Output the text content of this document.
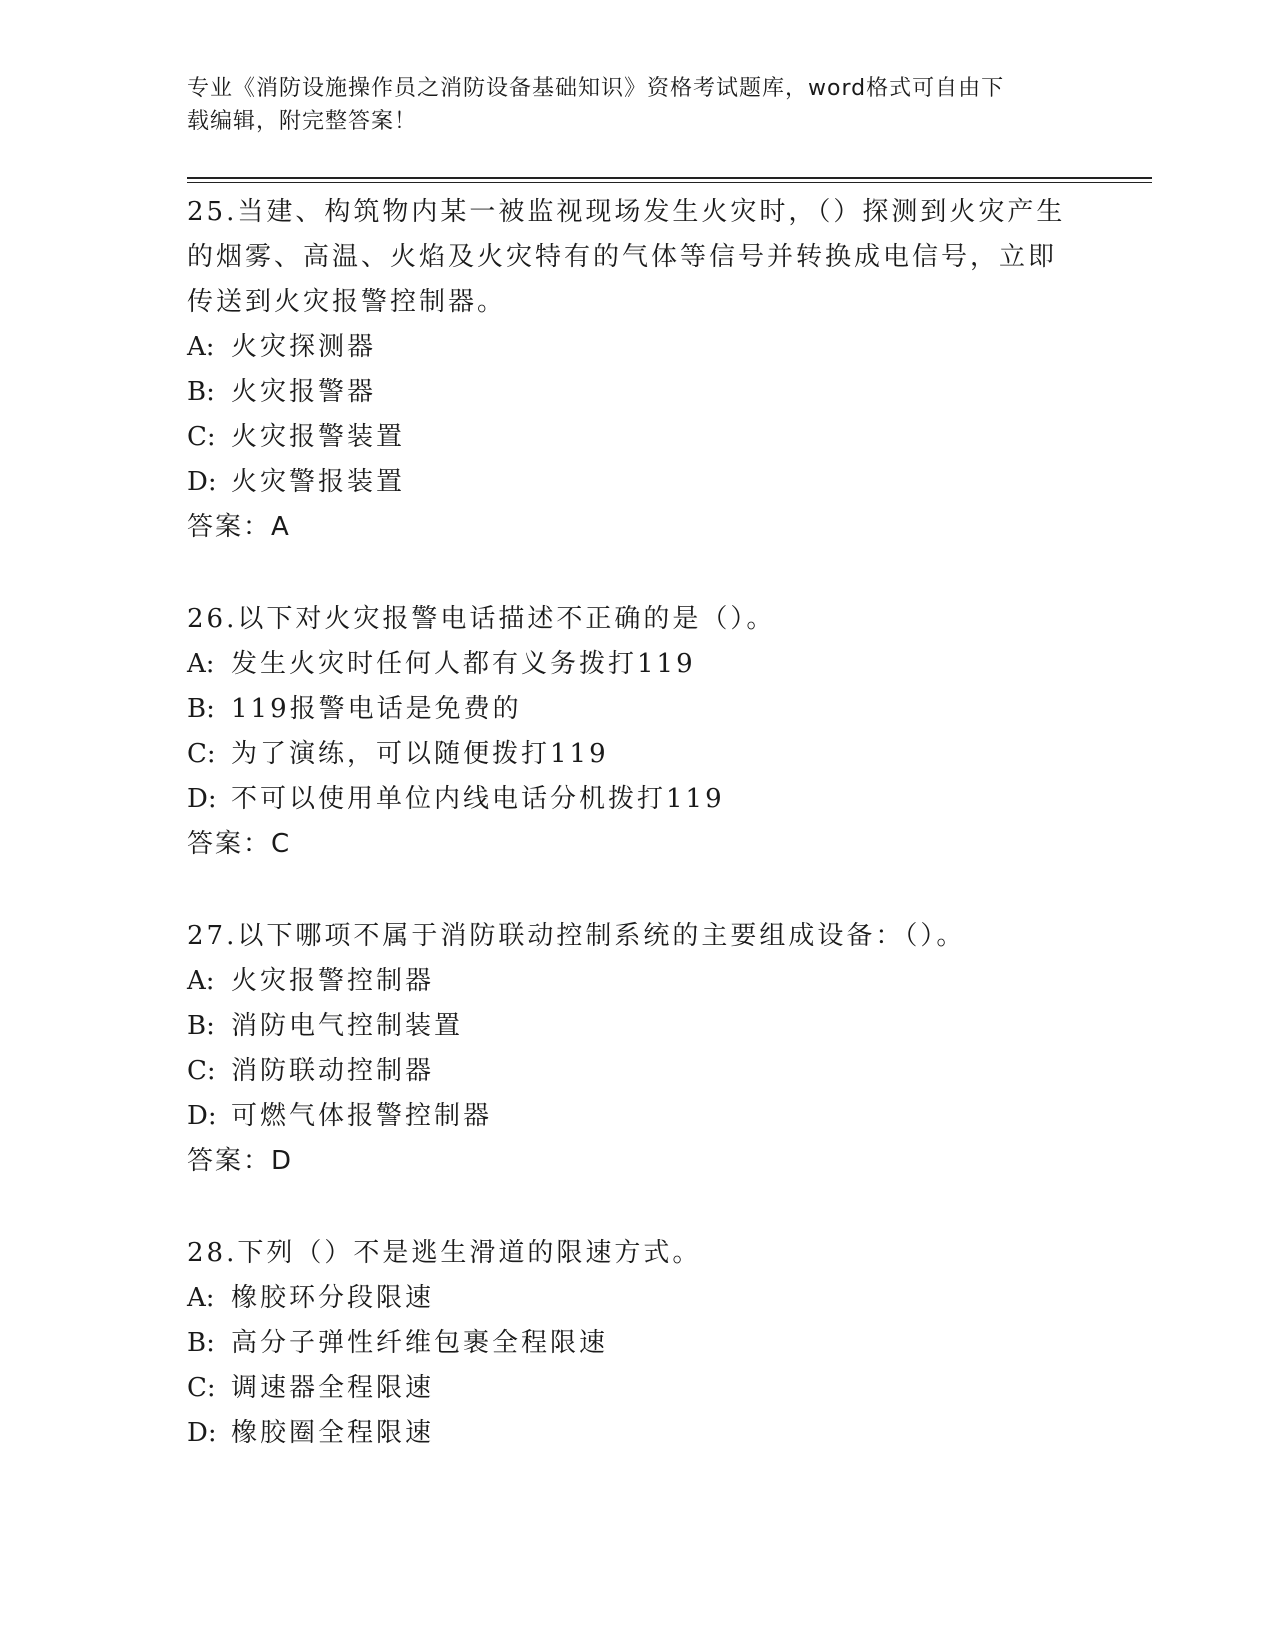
专业《消防设施操作员之消防设备基础知识》资格考试题库，word格式可自由下
载编辑，附完整答案！

25.当建、构筑物内某一被监视现场发生火灾时，（）探测到火灾产生

的烟雾、高温、火焰及火灾特有的气体等信号并转换成电信号，立即

传送到火灾报警控制器。

A: 火灾探测器

B: 火灾报警器

C: 火灾报警装置

D: 火灾警报装置

答案：A

26.以下对火灾报警电话描述不正确的是（）。

A: 发生火灾时任何人都有义务拨打119

B: 119报警电话是免费的

C: 为了演练，可以随便拨打119

D: 不可以使用单位内线电话分机拨打119

答案：C

27.以下哪项不属于消防联动控制系统的主要组成设备：（）。

A: 火灾报警控制器

B: 消防电气控制装置

C: 消防联动控制器

D: 可燃气体报警控制器

答案：D

28.下列（）不是逃生滑道的限速方式。

A: 橡胶环分段限速

B: 高分子弹性纤维包裹全程限速

C: 调速器全程限速

D: 橡胶圈全程限速
